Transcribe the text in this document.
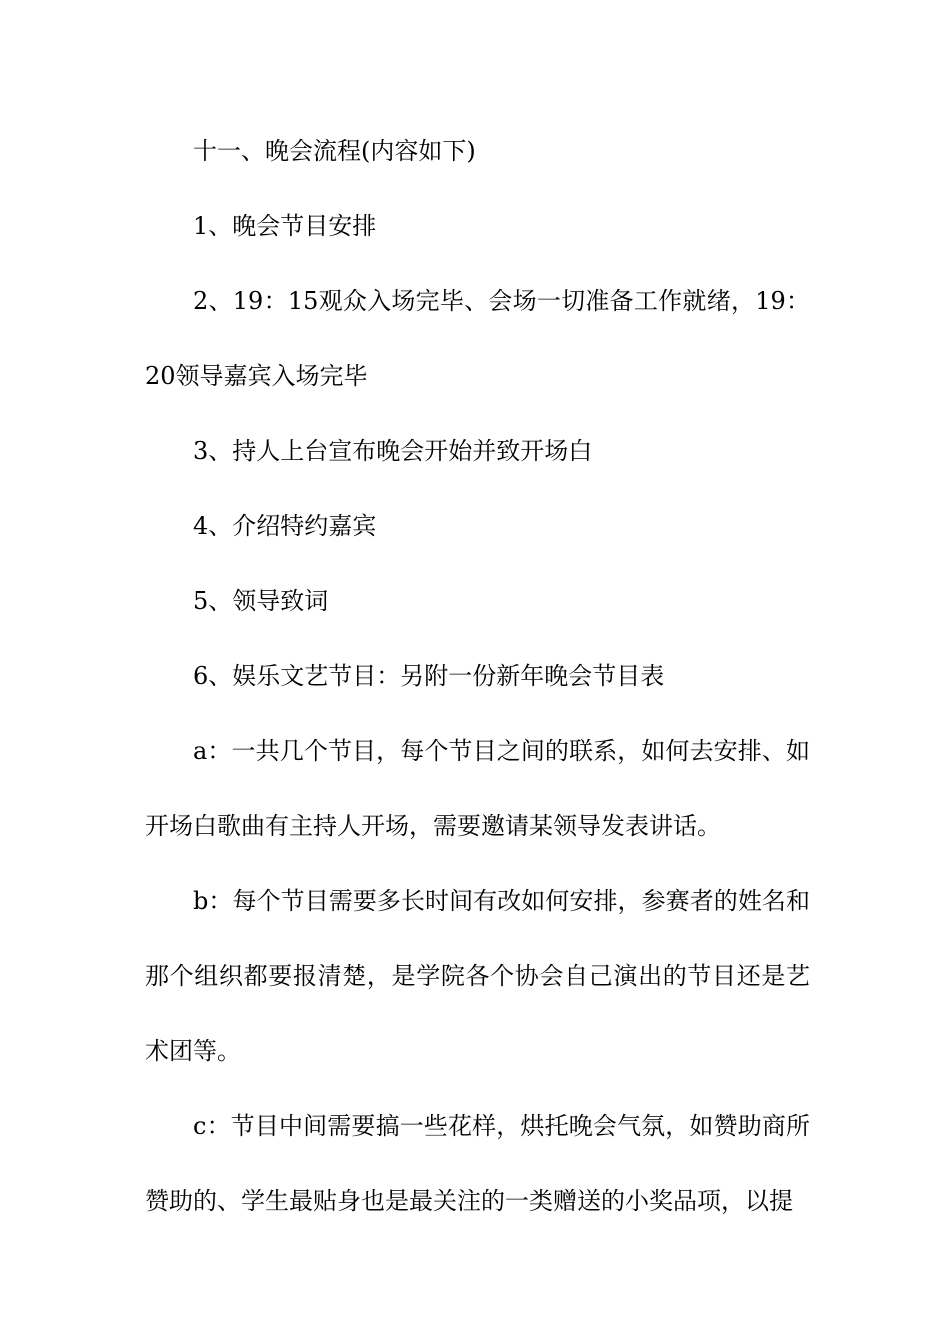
十一、晚会流程(内容如下)

1、晚会节目安排

2、19：15观众入场完毕、会场一切准备工作就绪，19：20领导嘉宾入场完毕

3、持人上台宣布晚会开始并致开场白

4、介绍特约嘉宾

5、领导致词

6、娱乐文艺节目：另附一份新年晚会节目表

a：一共几个节目，每个节目之间的联系，如何去安排、如开场白歌曲有主持人开场，需要邀请某领导发表讲话。

b：每个节目需要多长时间有改如何安排，参赛者的姓名和那个组织都要报清楚，是学院各个协会自己演出的节目还是艺术团等。

c：节目中间需要搞一些花样，烘托晚会气氛，如赞助商所赞助的、学生最贴身也是最关注的一类赠送的小奖品项，以提
